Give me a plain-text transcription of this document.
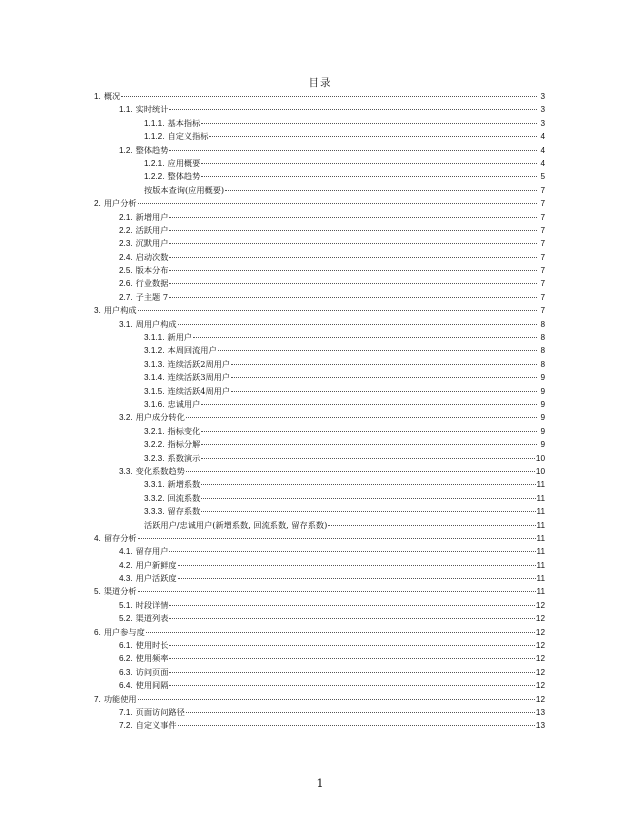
目录
1. 概况	3
1.1. 实时统计	3
1.1.1. 基本指标	3
1.1.2. 自定义指标	4
1.2. 整体趋势	4
1.2.1. 应用概要	4
1.2.2. 整体趋势	5
按版本查询(应用概要)	7
2. 用户分析	7
2.1. 新增用户	7
2.2. 活跃用户	7
2.3. 沉默用户	7
2.4. 启动次数	7
2.5. 版本分布	7
2.6. 行业数据	7
2.7. 子主题 7	7
3. 用户构成	7
3.1. 周用户构成	8
3.1.1. 新用户	8
3.1.2. 本周回流用户	8
3.1.3. 连续活跃2周用户	8
3.1.4. 连续活跃3周用户	9
3.1.5. 连续活跃4周用户	9
3.1.6. 忠诚用户	9
3.2. 用户成分转化	9
3.2.1. 指标变化	9
3.2.2. 指标分解	9
3.2.3. 系数演示	10
3.3. 变化系数趋势	10
3.3.1. 新增系数	11
3.3.2. 回流系数	11
3.3.3. 留存系数	11
活跃用户/忠诚用户(新增系数, 回流系数, 留存系数)	11
4. 留存分析	11
4.1. 留存用户	11
4.2. 用户新鲜度	11
4.3. 用户活跃度	11
5. 渠道分析	11
5.1. 时段详情	12
5.2. 渠道列表	12
6. 用户参与度	12
6.1. 使用时长	12
6.2. 使用频率	12
6.3. 访问页面	12
6.4. 使用间隔	12
7. 功能使用	12
7.1. 页面访问路径	13
7.2. 自定义事件	13
1
